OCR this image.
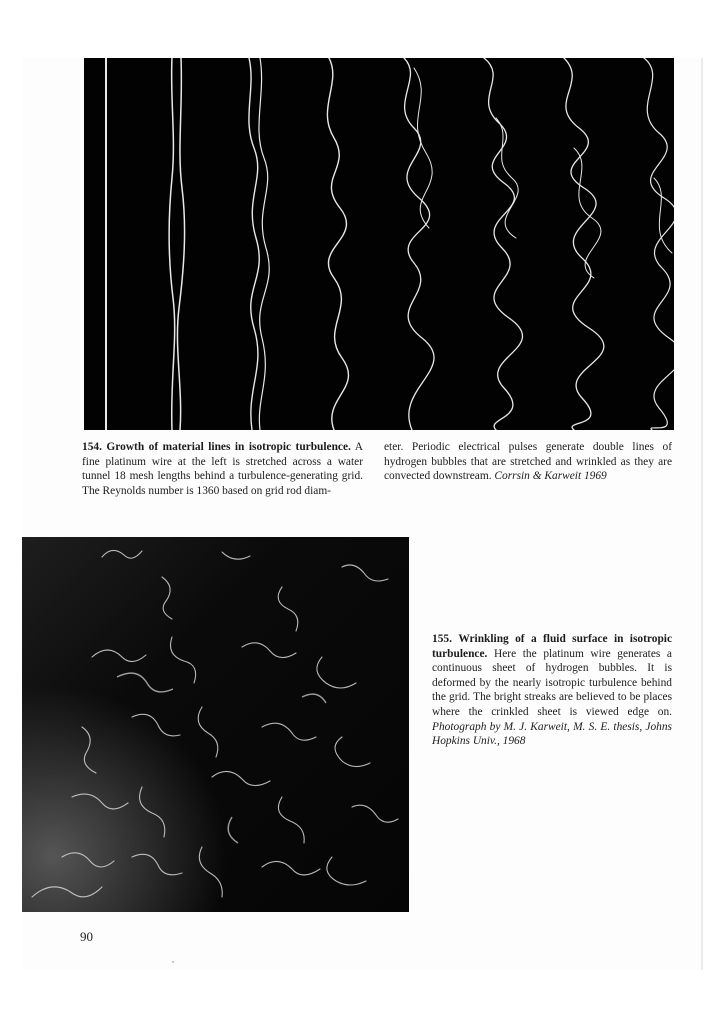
154. Growth of material lines in isotropic turbulence. A fine platinum wire at the left is stretched across a water tunnel 18 mesh lengths behind a turbulence-generating grid. The Reynolds number is 1360 based on grid rod diam-
eter. Periodic electrical pulses generate double lines of hydrogen bubbles that are stretched and wrinkled as they are convected downstream. Corrsin & Karweit 1969
155. Wrinkling of a fluid surface in isotropic turbulence. Here the platinum wire generates a continuous sheet of hydrogen bubbles. It is deformed by the nearly isotropic turbulence behind the grid. The bright streaks are believed to be places where the crinkled sheet is viewed edge on. Photograph by M. J. Karweit, M. S. E. thesis, Johns Hopkins Univ., 1968
90
